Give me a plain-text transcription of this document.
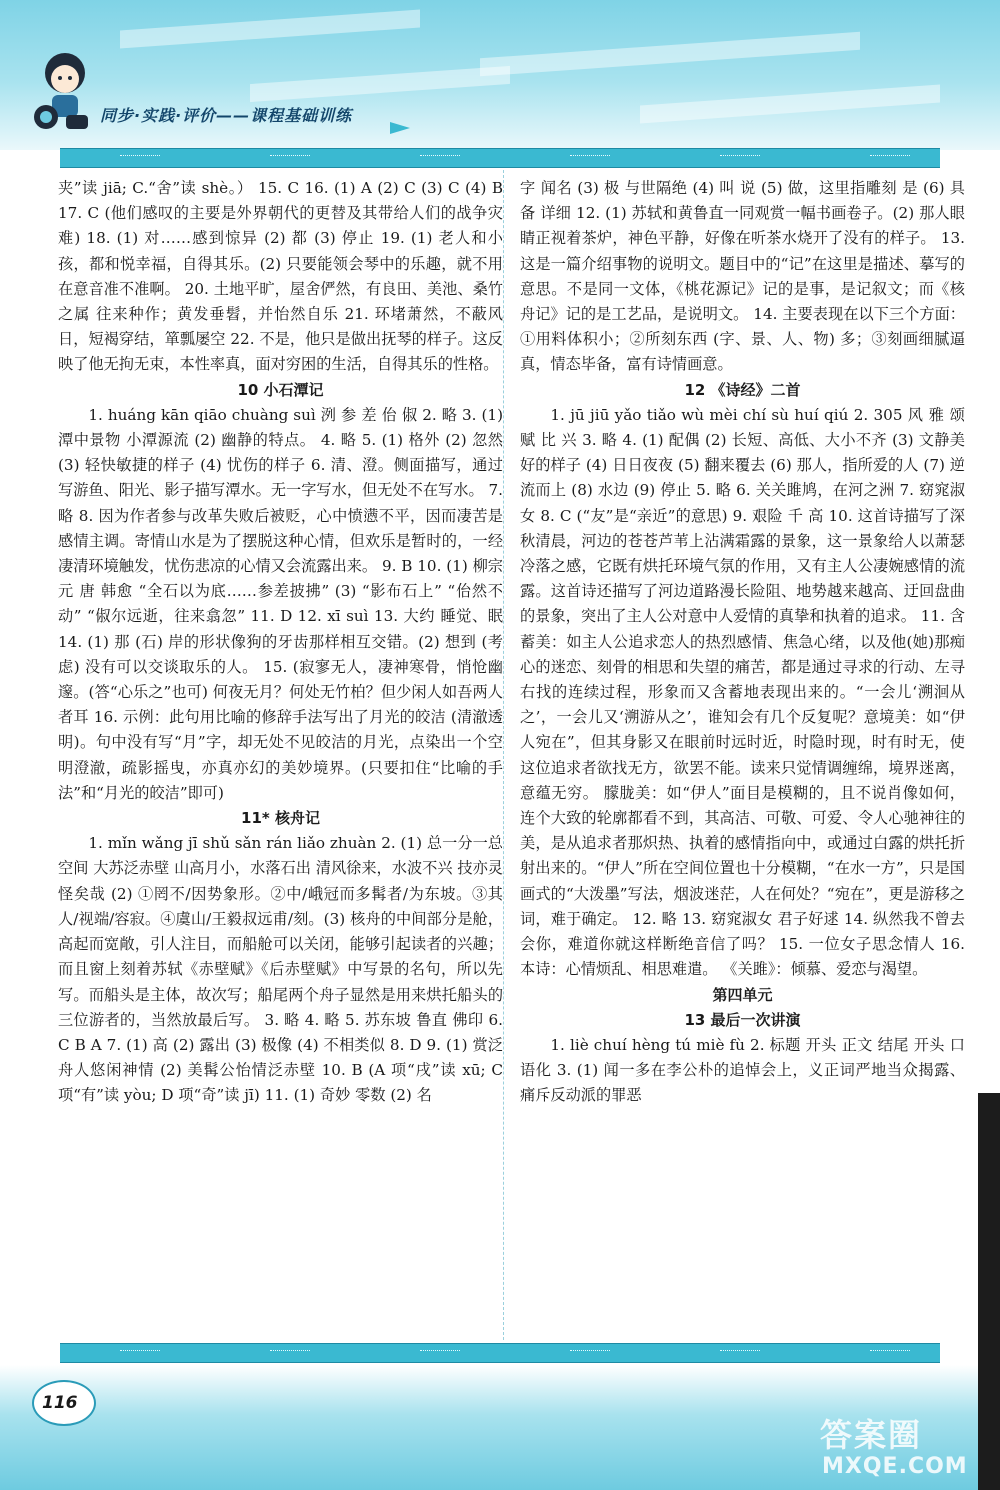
同步·实践·评价——课程基础训练

夹”读 jiā; C.“舍”读 shè。） 15. C 16. (1) A (2) C (3) C (4) B 17. C (他们感叹的主要是外界朝代的更替及其带给人们的战争灾难) 18. (1) 对……感到惊异 (2) 都 (3) 停止 19. (1) 老人和小孩，都和悦幸福，自得其乐。(2) 只要能领会琴中的乐趣，就不用在意音准不准啊。 20. 土地平旷，屋舍俨然，有良田、美池、桑竹之属 往来种作；黄发垂髫，并怡然自乐 21. 环堵萧然，不蔽风日，短褐穿结，箪瓢屡空 22. 不是，他只是做出抚琴的样子。这反映了他无拘无束，本性率真，面对穷困的生活，自得其乐的性格。

10 小石潭记

1. huáng kān qiāo chuàng suì 洌 参 差 佁 俶 2. 略 3. (1) 潭中景物 小潭源流 (2) 幽静的特点。 4. 略 5. (1) 格外 (2) 忽然 (3) 轻快敏捷的样子 (4) 忧伤的样子 6. 清、澄。侧面描写，通过写游鱼、阳光、影子描写潭水。无一字写水，但无处不在写水。 7. 略 8. 因为作者参与改革失败后被贬，心中愤懑不平，因而凄苦是感情主调。寄情山水是为了摆脱这种心情，但欢乐是暂时的，一经凄清环境触发，忧伤悲凉的心情又会流露出来。 9. B 10. (1) 柳宗元 唐 韩愈 “全石以为底……参差披拂” (3) “影布石上” “佁然不动” “俶尔远逝，往来翕忽” 11. D 12. xī suì 13. 大约 睡觉、眠 14. (1) 那 (石) 岸的形状像狗的牙齿那样相互交错。(2) 想到 (考虑) 没有可以交谈取乐的人。 15. (寂寥无人，凄神寒骨，悄怆幽邃。(答“心乐之”也可) 何夜无月？何处无竹柏？但少闲人如吾两人者耳 16. 示例：此句用比喻的修辞手法写出了月光的皎洁 (清澈透明)。句中没有写“月”字，却无处不见皎洁的月光，点染出一个空明澄澈，疏影摇曳，亦真亦幻的美妙境界。(只要扣住“比喻的手法”和“月光的皎洁”即可)

11* 核舟记

1. mǐn wǎng jī shǔ sǎn rán liǎo zhuàn 2. (1) 总一分一总 空间 大苏泛赤壁 山高月小，水落石出 清风徐来，水波不兴 技亦灵怪矣哉 (2) ①罔不/因势象形。②中/峨冠而多髯者/为东坡。③其人/视端/容寂。④虞山/王毅叔远甫/刻。(3) 核舟的中间部分是舱，高起而宽敞，引人注目，而船舱可以关闭，能够引起读者的兴趣；而且窗上刻着苏轼《赤壁赋》《后赤壁赋》中写景的名句，所以先写。而船头是主体，故次写；船尾两个舟子显然是用来烘托船头的三位游者的，当然放最后写。 3. 略 4. 略 5. 苏东坡 鲁直 佛印 6. C B A 7. (1) 高 (2) 露出 (3) 极像 (4) 不相类似 8. D 9. (1) 赏泛舟人悠闲神情 (2) 美髯公怡情泛赤壁 10. B (A 项“戌”读 xū; C 项“有”读 yòu; D 项“奇”读 jī) 11. (1) 奇妙 零数 (2) 名

字 闻名 (3) 极 与世隔绝 (4) 叫 说 (5) 做，这里指雕刻 是 (6) 具备 详细 12. (1) 苏轼和黄鲁直一同观赏一幅书画卷子。(2) 那人眼睛正视着茶炉，神色平静，好像在听茶水烧开了没有的样子。 13. 这是一篇介绍事物的说明文。题目中的“记”在这里是描述、摹写的意思。不是同一文体，《桃花源记》记的是事，是记叙文；而《核舟记》记的是工艺品，是说明文。 14. 主要表现在以下三个方面：①用料体积小；②所刻东西 (字、景、人、物) 多；③刻画细腻逼真，情态毕备，富有诗情画意。

12 《诗经》二首

1. jū jiū yǎo tiǎo wù mèi chí sù huí qiú 2. 305 风 雅 颂 赋 比 兴 3. 略 4. (1) 配偶 (2) 长短、高低、大小不齐 (3) 文静美好的样子 (4) 日日夜夜 (5) 翻来覆去 (6) 那人，指所爱的人 (7) 逆流而上 (8) 水边 (9) 停止 5. 略 6. 关关雎鸠，在河之洲 7. 窈窕淑女 8. C (“友”是“亲近”的意思) 9. 艰险 千 高 10. 这首诗描写了深秋清晨，河边的苍苍芦苇上沾满霜露的景象，这一景象给人以萧瑟冷落之感，它既有烘托环境气氛的作用，又有主人公凄婉感情的流露。这首诗还描写了河边道路漫长险阻、地势越来越高、迂回盘曲的景象，突出了主人公对意中人爱情的真挚和执着的追求。 11. 含蓄美：如主人公追求恋人的热烈感情、焦急心绪，以及他(她)那痴心的迷恋、刻骨的相思和失望的痛苦，都是通过寻求的行动、左寻右找的连续过程，形象而又含蓄地表现出来的。“一会儿‘溯洄从之’，一会儿又‘溯游从之’，谁知会有几个反复呢？意境美：如“伊人宛在”，但其身影又在眼前时远时近，时隐时现，时有时无，使这位追求者欲找无方，欲罢不能。读来只觉情调缠绵，境界迷离，意蕴无穷。 朦胧美：如“伊人”面目是模糊的，且不说肖像如何，连个大致的轮廓都看不到，其高洁、可敬、可爱、令人心驰神往的美，是从追求者那炽热、执着的感情指向中，或通过白露的烘托折射出来的。“伊人”所在空间位置也十分模糊，“在水一方”，只是国画式的“大泼墨”写法，烟波迷茫，人在何处？“宛在”，更是游移之词，难于确定。 12. 略 13. 窈窕淑女 君子好逑 14. 纵然我不曾去会你，难道你就这样断绝音信了吗？ 15. 一位女子思念情人 16. 本诗：心情烦乱、相思难遣。 《关雎》：倾慕、爱恋与渴望。

第四单元

13 最后一次讲演

1. liè chuí hèng tú miè fù 2. 标题 开头 正文 结尾 开头 口语化 3. (1) 闻一多在李公朴的追悼会上，义正词严地当众揭露、痛斥反动派的罪恶

116
答案圈
MXQE.COM
